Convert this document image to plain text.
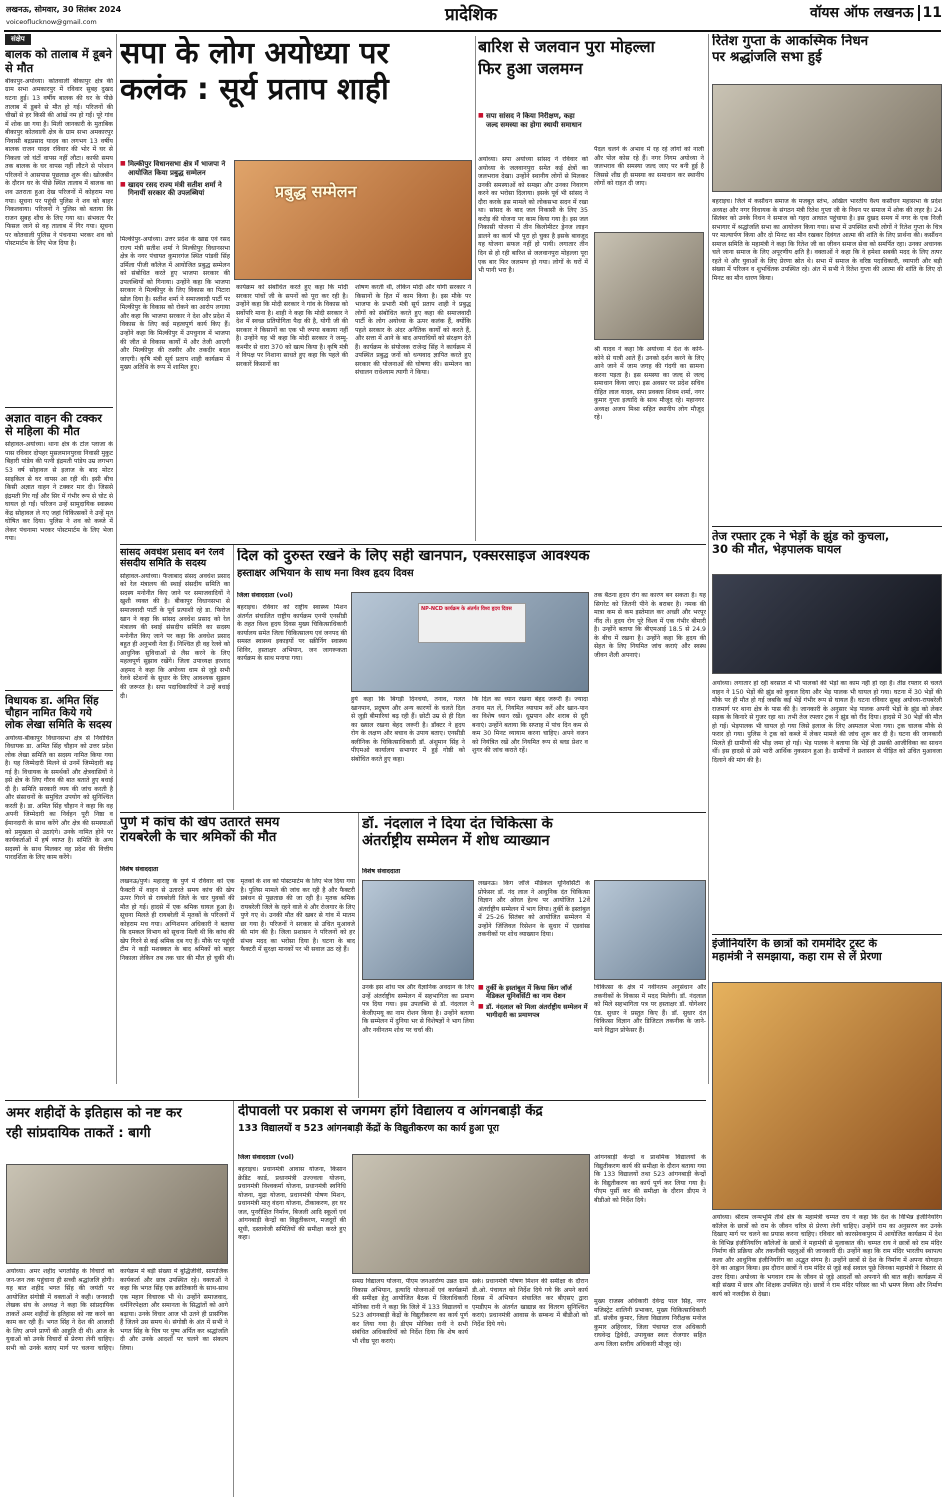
लखनऊ, सोमवार, 30 सितंबर 2024
voiceoflucknow@gmail.com	प्रादेशिक	वॉयस ऑफ लखनऊ 11
संक्षेप
बालक को तालाब में डूबने से मौत
बीकापुर-अयोध्या। कोतवाली बीकापुर क्षेत्र की ग्राम सभा अमकारपुर में रविवार सुबह दुखद घटना हुई। 13 वर्षीय बालक की घर के पीछे तालाब में डूबने से मौत हो गई। परिजनों की चीखों से हर किसी की आंखें नम हो गईं। पूरे गांव में शोक छा गया है। मिली जानकारी के मुताबिक बीकापुर कोतवाली क्षेत्र के ग्राम सभा अमकारपुर निवासी बद्रप्रसाद यादव का लगभग 13 वर्षीय बालक राजन यादव रविवार की भोर में घर से निकला जो घंटों वापस नहीं लौटा। काफी समय तक बालक के घर वापस नहीं लौटने से परेशान परिजनों ने आसपास पूछताछ शुरू की। खोजबीन के दौरान घर के पीछे स्थित तालाब में बालक का शव उतराता हुआ देख परिजनों में कोहराम मच गया। सूचना पर पहुंची पुलिस ने शव को बाहर निकलवाया। परिजनों ने पुलिस को बताया कि राजन सुबह शौच के लिए गया था। संभवतः पैर फिसल जाने से वह तालाब में गिर गया। सूचना पर कोतवाली पुलिस ने पंचनामा भरकर शव को पोस्टमार्टम के लिए भेज दिया है।
अज्ञात वाहन की टक्कर से महिला की मौत
सोहावल-अयोध्या। थाना क्षेत्र के टोल प्लाजा के पास रविवार दोपहर मुसलमानपुरवा निवासी मुकुट बिहारी पांडेय की पत्नी इंद्रमती पांडेय उम्र लगभग 53 वर्ष सोहावल से इलाज के बाद मोटर साइकिल से घर वापस आ रही थी। इसी बीच किसी अज्ञात वाहन ने टक्कर मार दी। जिससे इंद्रमती गिर गईं और सिर में गंभीर रूप से चोट से घायल हो गईं। परिजन उन्हें सामुदायिक स्वास्थ्य केंद्र सोहावल ले गए जहां चिकित्सकों ने उन्हें मृत घोषित कर दिया। पुलिस ने शव को कब्जे में लेकर पंचनामा भरकर पोस्टमार्टम के लिए भेजा गया।
विधायक डा. अमित सिंह चौहान नामित किये गये लोक लेखा समिति के सदस्य
अयोध्या-बीकापुर विधानसभा क्षेत्र से निर्वाचित विधायक डा. अमित सिंह चौहान को उत्तर प्रदेश लोक लेखा समिति का सदस्य नामित किया गया है। यह जिम्मेदारी मिलने से उनमें जिम्मेदारी बढ़ गई है। विधायक के समर्थकों और क्षेत्रवासियों ने इसे क्षेत्र के लिए गौरव की बात बताते हुए बधाई दी है। समिति सरकारी व्यय की जांच करती है और संसाधनों के समुचित उपयोग को सुनिश्चित करती है। डा. अमित सिंह चौहान ने कहा कि वह अपनी जिम्मेदारी का निर्वहन पूरी निष्ठा व ईमानदारी के साथ करेंगे और क्षेत्र की समस्याओं को प्रमुखता से उठाएंगे। उनके नामित होने पर कार्यकर्ताओं में हर्ष व्याप्त है। समिति के अन्य सदस्यों के साथ मिलकर वह प्रदेश की वित्तीय पारदर्शिता के लिए काम करेंगे।
सपा के लोग अयोध्या पर
कलंक : सूर्य प्रताप शाही
■ मिल्कीपुर विधानसभा क्षेत्र में भाजपा ने आयोजित किया प्रबुद्ध सम्मेलन
■ खादय रसद राज्य मंत्री सतीश शर्मा ने गिनायीं सरकार की उपलब्धियां	प्रबुद्ध सम्मेलन
मिल्कीपुर-अयोध्या। उत्तर प्रदेश के खाद्य एवं रसद राज्य मंत्री सतीश शर्मा ने मिल्कीपुर विधानसभा क्षेत्र के नगर पंचायत कुमारगंज स्थित पांडवी सिंह उर्मिला पीजी कॉलेज में आयोजित प्रबुद्ध सम्मेलन को संबोधित करते हुए भाजपा सरकार की उपलब्धियों को गिनाया। उन्होंने कहा कि भाजपा सरकार ने मिल्कीपुर के लिए विकास का पिटारा खोल दिया है। सतीश शर्मा ने समाजवादी पार्टी पर मिल्कीपुर के विकास को रोकने का आरोप लगाया और कहा कि भाजपा सरकार ने देश और प्रदेश में विकास के लिए कई महत्वपूर्ण कार्य किए हैं। उन्होंने कहा कि मिल्कीपुर में उपचुनाव में भाजपा की जीत से विकास कार्यों में और तेजी आएगी और मिल्कीपुर की तस्वीर और तकदीर बदल जाएगी। कृषि मंत्री सूर्य प्रताप शाही कार्यक्रम में मुख्य अतिथि के रूप में शामिल हुए।
कार्यक्रम को संबोधित करते हुए कहा कि मोदी सरकार पांचों जी के सपनों को पूरा कर रही है। उन्होंने कहा कि मोदी सरकार ने गांव के विकास को सर्वोपरि माना है। शाही ने कहा कि मोदी सरकार ने देश में स्वच्छ प्रतियोगिता पैदा की है, योगी जी की सरकार ने किसानों का एक भी रुपया बकाया नहीं है। उन्होंने यह भी कहा कि मोदी सरकार ने जम्मू-कश्मीर से धारा 370 को खत्म किया है। कृषि मंत्री ने विपक्ष पर निशाना साधते हुए कहा कि पहले की सरकारें किसानों का
शोषण करती थीं, लेकिन मोदी और योगी सरकार ने किसानों के हित में काम किया है। इस मौके पर भाजपा के प्रभारी मंत्री सूर्य प्रताप शाही ने प्रबुद्ध लोगों को संबोधित करते हुए कहा की समाजवादी पार्टी के लोग अयोध्या के ऊपर कलंक हैं, क्योंकि पहले सरकार के अंदर अनैतिक कार्यों को करते हैं, और सत्ता में आने के बाद अपराधियों को संरक्षण देते हैं। कार्यक्रम के संयोजक राजेन्द्र सिंह ने कार्यक्रम में उपस्थित प्रबुद्ध जनों को धन्यवाद ज्ञापित करते हुए सरकार की योजनाओं की घोषणा की। सम्मेलन का संचालन राधेश्याम त्यागी ने किया।
बारिश से जलवान पुरा मोहल्ला
फिर हुआ जलमग्न
■ सपा सांसद ने किया निरीक्षण, कहा जल्द समस्या का होगा स्थायी समाधान
अयोध्या। सपा अयोध्या सांसद ने रविवार को अयोध्या के जलवानपुरा समेत कई क्षेत्रों का जलभराव देखा। उन्होंने स्थानीय लोगों से मिलकर उनकी समस्याओं को समझा और उनका निवारण करने का भरोसा दिलाया। इसके पूर्व भी सांसद ने दौरा करके इस मामले को लोकसभा सदन में रखा था। सांसद के बाद जल निकासी के लिए 35 करोड़ की योजना पर काम किया गया है। इस जल निकासी योजना में तीन किलोमीटर ड्रेनज लाइन डालने का कार्य भी पूरा हो चुका है इसके बावजूद यह योजना सफल नहीं हो पायी। लगातार तीन दिन से हो रही बारिश से जलवानपुरा मोहल्ला पूरा एक बार फिर जलमग्न हो गया। लोगों के घरों में भी पानी भरा है।
पैदल चलने के अभाव में रह रहे लोगों को नाली और पोल कोस रहे हैं। नगर निगम अयोध्या ने जलभराव की समस्या जल्द जाए पर बनी हुई है जिससे शीघ्र ही समस्या का समाधान कर स्थानीय लोगों को राहत दी जाए।
श्री यादव ने कहा कि अयोध्या में देश के कोने-कोने से यात्री आते हैं। उनको दर्शन करने के लिए आने जाने में जाम जगह की गंदगी का सामना करना पड़ता है। इस समस्या का जल्द से जल्द समाधान किया जाए। इस अवसर पर प्रदेश सचिव रोहित लाल यादव, सपा प्रवक्ता शिवम शर्मा, नगर कुमार गुप्ता इत्यादि के साथ मौजूद रहे। महानगर अध्यक्ष अजय मिश्रा सहित स्थानीय लोग मौजूद रहे।
रितेश गुप्ता के आकस्मिक निधन
पर श्रद्धांजलि सभा हुई
बहराइच। जिले में कसौंधन समाज के मजबूत स्तंभ, अखिल भारतीय वैश्य कसौंधन महासभा के प्रदेश अध्यक्ष और नगर विधायक के संगठन मंत्री रितेश गुप्ता जी के निधन पर समाज में शोक की लहर है। 24 सितंबर को उनके निधन ने समाज को गहरा आघात पहुंचाया है। इस दुखद समय में नगर के एक निजी सभागार में श्रद्धांजलि सभा का आयोजन किया गया। सभा में उपस्थित सभी लोगों ने रितेश गुप्ता के चित्र पर माल्यार्पण किया और दो मिनट का मौन रखकर दिवंगत आत्मा की शांति के लिए प्रार्थना की। कसौंधन समाज समिति के महामंत्री ने कहा कि रितेश जी का जीवन समाज सेवा को समर्पित रहा। उनका अचानक चले जाना समाज के लिए अपूरणीय क्षति है। वक्ताओं ने कहा कि वे हमेशा सबकी मदद के लिए तत्पर रहते थे और युवाओं के लिए प्रेरणा स्रोत थे। सभा में समाज के वरिष्ठ पदाधिकारी, व्यापारी और बड़ी संख्या में परिजन व शुभचिंतक उपस्थित रहे। अंत में सभी ने रितेश गुप्ता की आत्मा की शांति के लिए दो मिनट का मौन धारण किया।
तेज रफ्तार ट्रक ने भेड़ों के झुंड को कुचला,
30 की मौत, भेड़पालक घायल
अयोध्या। लगातार हो रही बरसात में भी पालकों की भेड़ों का काम नहीं हो रहा है। तीव्र रफ्तार से चलते वाहन ने 150 भेड़ों की झुंड को कुचल दिया और भेड़ पालक भी घायल हो गया। घटना में 30 भेड़ों की मौके पर ही मौत हो गई जबकि कई भेड़ें गंभीर रूप से घायल हैं। घटना रविवार सुबह अयोध्या-रायबरेली राजमार्ग पर थाना क्षेत्र के पास की है। जानकारी के अनुसार भेड़ पालक अपनी भेड़ों के झुंड को लेकर सड़क के किनारे से गुजर रहा था। तभी तेज रफ्तार ट्रक ने झुंड को रौंद दिया। हादसे में 30 भेड़ों की मौत हो गई। भेड़पालक भी घायल हो गया जिसे इलाज के लिए अस्पताल भेजा गया। ट्रक चालक मौके से फरार हो गया। पुलिस ने ट्रक को कब्जे में लेकर मामले की जांच शुरू कर दी है। घटना की जानकारी मिलते ही ग्रामीणों की भीड़ जमा हो गई। भेड़ पालक ने बताया कि भेड़ें ही उसकी आजीविका का साधन थीं। इस हादसे से उसे भारी आर्थिक नुकसान हुआ है। ग्रामीणों ने प्रशासन से पीड़ित को उचित मुआवजा दिलाने की मांग की है।
इंजीनियरिंग के छात्रों को राममंदिर ट्रस्ट के
महामंत्री ने समझाया, कहा राम से लें प्रेरणा
अयोध्या। श्रीराम जन्मभूमि तीर्थ क्षेत्र के महामंत्री चम्पत राय ने कहा कि देश के विभिन्न इंजीनियरिंग कॉलेज के छात्रों को राम के जीवन चरित्र से प्रेरणा लेनी चाहिए। उन्होंने राम का अनुसरण कर उनके दिखाए मार्ग पर चलने का प्रयास करना चाहिए। रविवार को कारसेवकपुरम में आयोजित कार्यक्रम में देश के विभिन्न इंजीनियरिंग कॉलेजों के छात्रों ने महामंत्री से मुलाकात की। चम्पत राय ने छात्रों को राम मंदिर निर्माण की प्रक्रिया और तकनीकी पहलुओं की जानकारी दी। उन्होंने कहा कि राम मंदिर भारतीय स्थापत्य कला और आधुनिक इंजीनियरिंग का अद्भुत संगम है। उन्होंने छात्रों से देश के निर्माण में अपना योगदान देने का आह्वान किया। इस दौरान छात्रों ने राम मंदिर से जुड़े कई सवाल पूछे जिनका महामंत्री ने विस्तार से उत्तर दिया। अयोध्या के भगवान राम के जीवन से जुड़े आदर्शों को अपनाने की बात कही। कार्यक्रम में बड़ी संख्या में छात्र और शिक्षक उपस्थित रहे। छात्रों ने राम मंदिर परिसर का भी भ्रमण किया और निर्माण कार्य को नजदीक से देखा।
सांसद अवधेश प्रसाद बने रेलवे संसदीय समिति के सदस्य
सोहावल-अयोध्या। फैजाबाद संसद अवधेश प्रसाद को रेल मंत्रालय की स्थाई संसदीय समिति का सदस्य मनोनीत किए जाने पर समाजवादियों ने खुशी व्यक्त की है। बीकापुर विधानसभा से समाजवादी पार्टी के पूर्व प्रत्याशी रहे डा. फिरोज खान ने कहा कि सांसद अवधेश प्रसाद को रेल मंत्रालय की स्थाई संसदीय समिति का सदस्य मनोनीत किए जाने पर कहा कि अवधेश प्रसाद बहुत ही अनुभवी नेता हैं। निश्चित ही वह रेलवे को आधुनिक सुविधाओं से लैस करने के लिए महत्वपूर्ण सुझाव रखेंगे। जिला उपाध्यक्ष इरशाद अहमद ने कहा कि अयोध्या धाम से जुड़े सभी रेलवे स्टेशनों के सुधार के लिए आवश्यक सुझाव की जरूरत है। सपा पदाधिकारियों ने उन्हें बधाई दी।
दिल को दुरुस्त रखने के लिए सही खानपान, एक्सरसाइज आवश्यक
हस्ताक्षर अभियान के साथ मना विश्व हृदय दिवस
जिला संवाददाता (vol)
बहराइच। रविवार को राष्ट्रीय स्वास्थ्य मिशन अंतर्गत संचालित राष्ट्रीय कार्यक्रम एनपी एनसीडी के तहत विश्व हृदय दिवस मुख्य चिकित्साधिकारी कार्यालय समेत जिला चिकित्सालय एवं जनपद की समस्त स्वास्थ्य इकाइयों पर स्क्रीनिंग स्वास्थ्य शिविर, हस्ताक्षर अभियान, जन जागरूकता कार्यक्रम के साथ मनाया गया।
NP-NCD कार्यक्रम के अंतर्गत विश्व हृदय दिवस
हुये कहा कि बिगड़ी दिनचर्या, तनाव, गलत खानपान, प्रदूषण और अन्य कारणों के चलते दिल से जुड़ी बीमारियां बढ़ रही हैं। छोटी उम्र से ही दिल का ख्याल रखना बेहद जरूरी है। डॉक्टर ने हृदय रोग के लक्षण और बचाव के उपाय बताए। एनसीडी क्लीनिक के चिकित्साधिकारी डॉ. अंशुमान सिंह ने पीएमओ कार्यालय सभागार में हुई गोष्ठी को संबोधित करते हुए कहा।
कि दिल का ध्यान रखना बेहद जरूरी है। ज्यादा तनाव मत लें, नियमित व्यायाम करें और खान-पान का विशेष ध्यान रखें। धूम्रपान और शराब से दूरी बनाएं। उन्होंने बताया कि सप्ताह में पांच दिन कम से कम 30 मिनट व्यायाम करना चाहिए। अपने वजन को नियंत्रित रखें और नियमित रूप से ब्लड प्रेशर व शुगर की जांच कराते रहें।
तक बैठना हृदय रोग का कारण बन सकता है। यह सिगरेट को जितनी पीने के बराबर है। नमक की मात्रा कम से कम इस्तेमाल कर अच्छी और भरपूर नींद लें। हृदय रोग पूरे विश्व में एक गंभीर बीमारी है। उन्होंने बताया कि बीएमआई 18.5 से 24.9 के बीच में रखना है। उन्होंने कहा कि हृदय की सेहत के लिए नियमित जांच कराएं और स्वस्थ जीवन शैली अपनाएं।
पुणे में कांच की खेप उतारते समय
रायबरेली के चार श्रमिकों की मौत
विशेष संवाददाता
लखनऊ/पुणे। महाराष्ट्र के पुणे में रविवार को एक फैक्टरी में वाहन से उतारते समय कांच की खेप ऊपर गिरने से रायबरेली जिले के चार युवकों की मौत हो गई। हादसे में एक श्रमिक घायल हुआ है। सूचना मिलते ही रायबरेली में मृतकों के परिजनों में कोहराम मच गया। अग्निशमन अधिकारी ने बताया कि दमकल विभाग को सूचना मिली थी कि कांच की खेप गिरने से कई श्रमिक दब गए हैं। मौके पर पहुंची टीम ने कड़ी मशक्कत के बाद श्रमिकों को बाहर निकाला लेकिन तब तक चार की मौत हो चुकी थी। मृतकों के शव को पोस्टमार्टम के लिए भेज दिया गया है। पुलिस मामले की जांच कर रही है और फैक्टरी प्रबंधन से पूछताछ की जा रही है। मृतक श्रमिक रायबरेली जिले के रहने वाले थे और रोजगार के लिए पुणे गए थे। उनकी मौत की खबर से गांव में मातम छा गया है। परिजनों ने सरकार से उचित मुआवजे की मांग की है। जिला प्रशासन ने परिजनों को हर संभव मदद का भरोसा दिया है। घटना के बाद फैक्टरी में सुरक्षा मानकों पर भी सवाल उठ रहे हैं।
डॉ. नंदलाल ने दिया दंत चिकित्सा के
अंतर्राष्ट्रीय सम्मेलन में शोध व्याख्यान
विशेष संवाददाता
लखनऊ। किंग जॉर्ज मेडिकल यूनिवर्सिटी के प्रोफेसर डॉ. नंद लाल ने आधुनिक दंत चिकित्सा विज्ञान और ओरल हेल्थ पर आयोजित 12वें अंतर्राष्ट्रीय सम्मेलन में भाग लिया। तुर्की के इस्तांबुल में 25-26 सितंबर को आयोजित सम्मेलन में उन्होंने जिंजिवल रिसेशन के सुधार में एडवांस्ड तकनीकों पर शोध व्याख्यान दिया।
■ तुर्की के इस्तांबुल में किया किंग जॉर्ज मेडिकल यूनिवर्सिटी का नाम रोशन
■ डॉ. नंदलाल को मिला अंतर्राष्ट्रीय सम्मेलन में भागीदारी का प्रमाणपत्र
उनके इस शोध पत्र और वैज्ञानिक अवदान के लिए उन्हें अंतर्राष्ट्रीय सम्मेलन में सहभागिता का प्रमाण पत्र दिया गया। इस उपलब्धि से डॉ. नंदलाल ने केजीएमयू का नाम रोशन किया है। उन्होंने बताया कि सम्मेलन में दुनिया भर से विशेषज्ञों ने भाग लिया और नवीनतम शोध पर चर्चा की।
चिकित्सा के क्षेत्र में नवीनतम अनुसंधान और तकनीकों के विकास में मदद मिलेगी। डॉ. नंदलाल को मिले सहभागिता पत्र पर हस्ताक्षर डॉ. योगेश्वर एंड. सुधार ने प्रस्तुत किए हैं। डॉ. सुधार दंत चिकित्सा विज्ञान और डिजिटल तकनीक के जाने-माने विद्वान प्रोफेसर हैं।
अमर शहीदों के इतिहास को नष्ट कर
रही सांप्रदायिक ताकतें : बागी
अयोध्या। अमर शहीद भगतसिंह के विचारों को जन-जन तक पहुंचाना ही सच्ची श्रद्धांजलि होगी। यह बात शहीद भगत सिंह की जयंती पर आयोजित संगोष्ठी में वक्ताओं ने कही। जनवादी लेखक संघ के अध्यक्ष ने कहा कि सांप्रदायिक ताकतें अमर शहीदों के इतिहास को नष्ट करने का काम कर रही हैं। भगत सिंह ने देश की आजादी के लिए अपने प्राणों की आहुति दी थी। आज के युवाओं को उनके विचारों से प्रेरणा लेनी चाहिए। सभी को उनके बताए मार्ग पर चलना चाहिए। कार्यक्रम में बड़ी संख्या में बुद्धिजीवी, सामाजिक कार्यकर्ता और छात्र उपस्थित रहे। वक्ताओं ने कहा कि भगत सिंह एक क्रांतिकारी के साथ-साथ एक महान विचारक भी थे। उन्होंने समाजवाद, धर्मनिरपेक्षता और समानता के सिद्धांतों को आगे बढ़ाया। उनके विचार आज भी उतने ही प्रासंगिक हैं जितने उस समय थे। संगोष्ठी के अंत में सभी ने भगत सिंह के चित्र पर पुष्प अर्पित कर श्रद्धांजलि दी और उनके आदर्शों पर चलने का संकल्प लिया।
दीपावली पर प्रकाश से जगमग होंगे विद्यालय व आंगनबाड़ी केंद्र
133 विद्यालयों व 523 आंगनबाड़ी केंद्रों के विद्युतीकरण का कार्य हुआ पूरा
जिला संवाददाता (vol)
बहराइच। प्रधानमंत्री आवास योजना, किसान क्रेडिट कार्ड, प्रधानमंत्री उज्ज्वला योजना, प्रधानमंत्री विश्वकर्मा योजना, प्रधानमंत्री स्वनिधि योजना, मुद्रा योजना, प्रधानमंत्री पोषण मिशन, प्रधानमंत्री मातृ वंदना योजना, टीकाकरण, हर घर जल, पुनरीक्षित निर्माण, बिजली आदि स्कूलों एवं आंगनबाड़ी केन्द्रों का विद्युतीकरण, मजदूरों की सूची, दस्तावेजी समितियों की समीक्षा करते हुए कहा।
समग्र विद्यालय योजना, पीएम जनआरोग्य उन्नत ग्राम विकास अभियान, इत्यादि योजनाओं एवं कार्यक्रमों की समीक्षा हेतु आयोजित बैठक में जिलाधिकारी मोनिका रानी ने कहा कि जिले में 133 विद्यालयों व 523 आंगनबाड़ी केंद्रों के विद्युतीकरण का कार्य पूर्ण कर लिया गया है। डीएम मोनिका रानी ने सभी संबंधित अधिकारियों को निर्देश दिया कि शेष कार्य भी शीघ्र पूरा कराएं।
सके। प्रधानमंत्री पोषण मिशन की समीक्षा के दौरान डी.ओ. पंचायत को निर्देश दिये गये कि अपने कार्य दिवस में अभियान संचालित कर बीएसए द्वारा एमडीएम के अंतर्गत खाद्यान्न का वितरण सुनिश्चित कराएं। प्रधानमंत्री आवास के सम्बन्ध में बीडीओ को निर्देश दिये गये।
आंगनबाड़ी केन्द्रों व प्राथमिक विद्यालयों के विद्युतीकरण कार्य की समीक्षा के दौरान बताया गया कि 133 विद्यालयों तथा 523 आंगनबाड़ी केन्द्रों के विद्युतीकरण का कार्य पूर्ण कर लिया गया है। पीएम पुर्सी कर की समीक्षा के दौरान डीएम ने बीडीओ को निर्देश दिये।
मुख्य राजस्व अधिकारी देवेन्द्र पाल सिंह, नगर मजिस्ट्रेट शालिनी प्रभाकर, मुख्य चिकित्साधिकारी डॉ. संजीव कुमार, जिला विद्यालय निरीक्षक मनोज कुमार अहिरवार, जिला पंचायत राज अधिकारी राघवेन्द्र द्विवेदी, उपायुक्त स्वतः रोजगार सहित अन्य जिला स्तरीय अधिकारी मौजूद रहे।
